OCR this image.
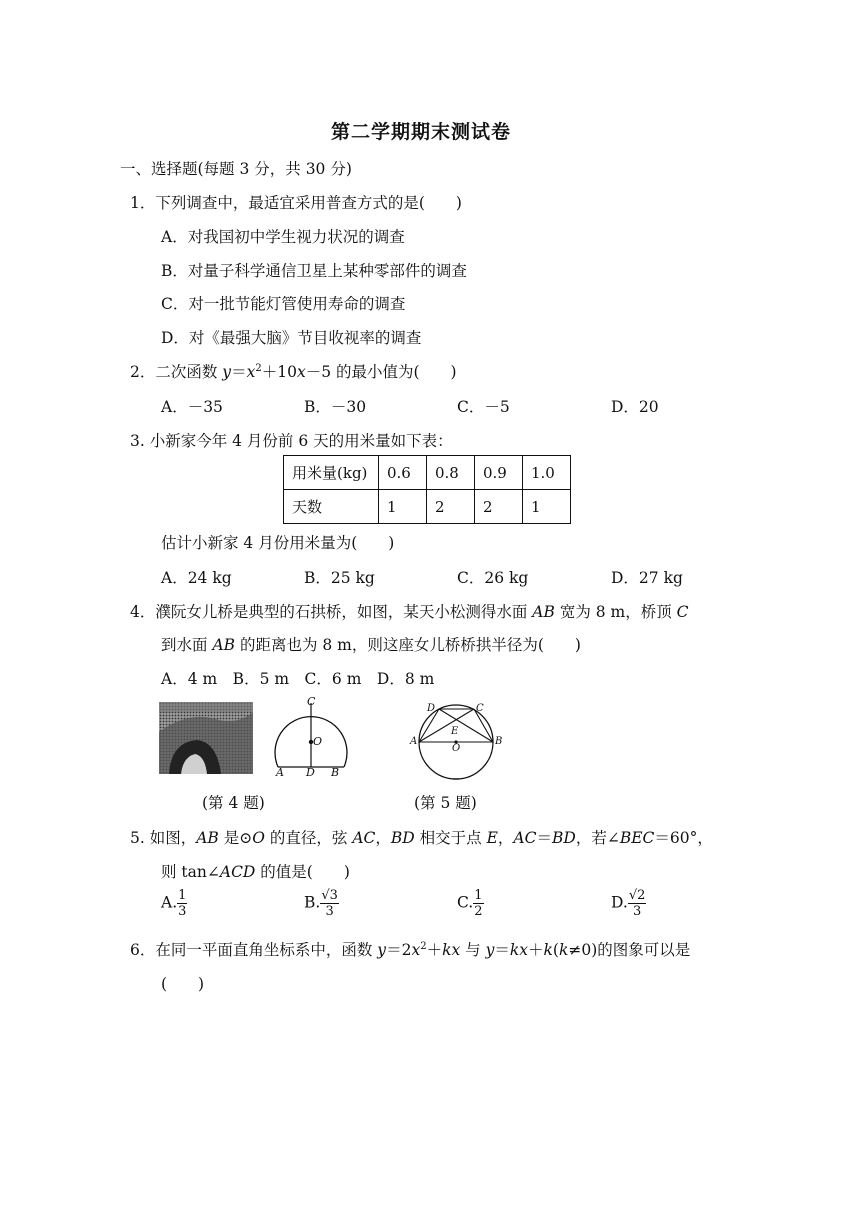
第二学期期末测试卷
一、选择题(每题 3 分，共 30 分)
1．下列调查中，最适宜采用普查方式的是(　　)
A．对我国初中学生视力状况的调查
B．对量子科学通信卫星上某种零部件的调查
C．对一批节能灯管使用寿命的调查
D．对《最强大脑》节目收视率的调查
2．二次函数 $y=x^2+10x-5$ 的最小值为(　　)
A．－35	B．－30	C．－5	D．20
3. 小新家今年 4 月份前 6 天的用米量如下表：
用米量(kg)	0.6	0.8	0.9	1.0
天数	1	2	2	1
估计小新家 4 月份用米量为(　　)
A．24 kg	B．25 kg	C．26 kg	D．27 kg
4．濮阮女儿桥是典型的石拱桥，如图，某天小松测得水面 AB 宽为 8 m，桥顶 C
到水面 AB 的距离也为 8 m，则这座女儿桥桥拱半径为(　　)
A．4 m　B．5 m　C．6 m　D．8 m
C
O
A D B
(第 4 题)
D	C
E
A
O
B
(第 5 题)
5. 如图，AB 是⊙O 的直径，弦 AC，BD 相交于点 E，AC＝BD，若∠BEC＝60°，
则 tan∠ACD 的值是(　　)
A. $\frac{1}{3}$	B. $\frac{√3}{3}$	C. $\frac{1}{2}$	D. $\frac{√2}{3}$
6．在同一平面直角坐标系中，函数 $y=2x^2+kx$ 与 y＝kx＋k(k≠0)的图象可以是
(　　)
